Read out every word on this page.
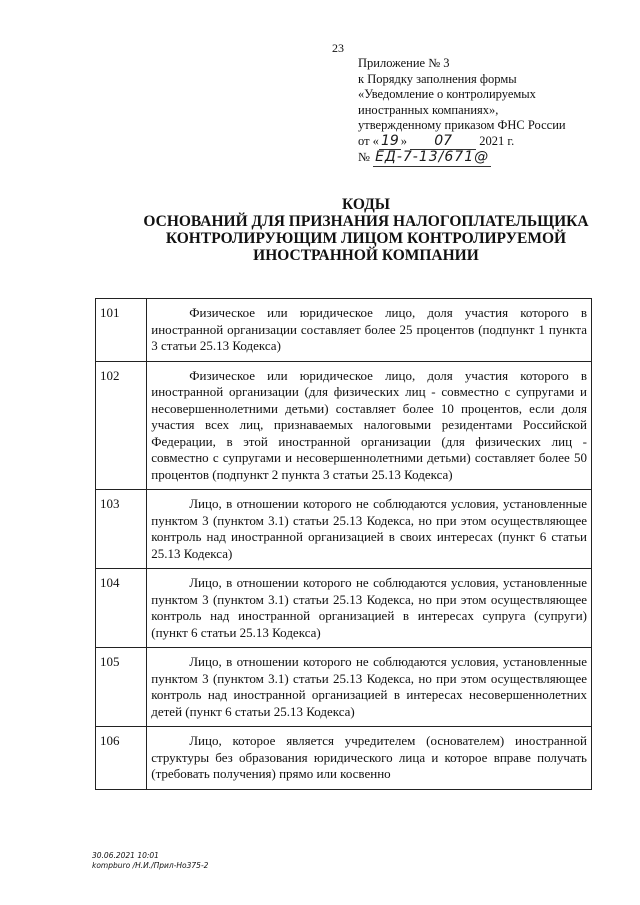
23
Приложение № 3
к Порядку заполнения формы
«Уведомление о контролируемых
иностранных компаниях»,
утвержденному приказом ФНС России
от « 19 » 07 2021 г.
№ ЕД-7-13/671@
КОДЫ
ОСНОВАНИЙ ДЛЯ ПРИЗНАНИЯ НАЛОГОПЛАТЕЛЬЩИКА
КОНТРОЛИРУЮЩИМ ЛИЦОМ КОНТРОЛИРУЕМОЙ
ИНОСТРАННОЙ КОМПАНИИ
101	Физическое или юридическое лицо, доля участия которого в иностранной организации составляет более 25 процентов (подпункт 1 пункта 3 статьи 25.13 Кодекса)

102	Физическое или юридическое лицо, доля участия которого в иностранной организации (для физических лиц - совместно с супругами и несовершеннолетними детьми) составляет более 10 процентов, если доля участия всех лиц, признаваемых налоговыми резидентами Российской Федерации, в этой иностранной организации (для физических лиц - совместно с супругами и несовершеннолетними детьми) составляет более 50 процентов (подпункт 2 пункта 3 статьи 25.13 Кодекса)

103	Лицо, в отношении которого не соблюдаются условия, установленные пунктом 3 (пунктом 3.1) статьи 25.13 Кодекса, но при этом осуществляющее контроль над иностранной организацией в своих интересах (пункт 6 статьи 25.13 Кодекса)

104	Лицо, в отношении которого не соблюдаются условия, установленные пунктом 3 (пунктом 3.1) статьи 25.13 Кодекса, но при этом осуществляющее контроль над иностранной организацией в интересах супруга (супруги) (пункт 6 статьи 25.13 Кодекса)

105	Лицо, в отношении которого не соблюдаются условия, установленные пунктом 3 (пунктом 3.1) статьи 25.13 Кодекса, но при этом осуществляющее контроль над иностранной организацией в интересах несовершеннолетних детей (пункт 6 статьи 25.13 Кодекса)

106	Лицо, которое является учредителем (основателем) иностранной структуры без образования юридического лица и которое вправе получать (требовать получения) прямо или косвенно
30.06.2021 10:01
kompburo /Н.И./Прил-Но375-2
